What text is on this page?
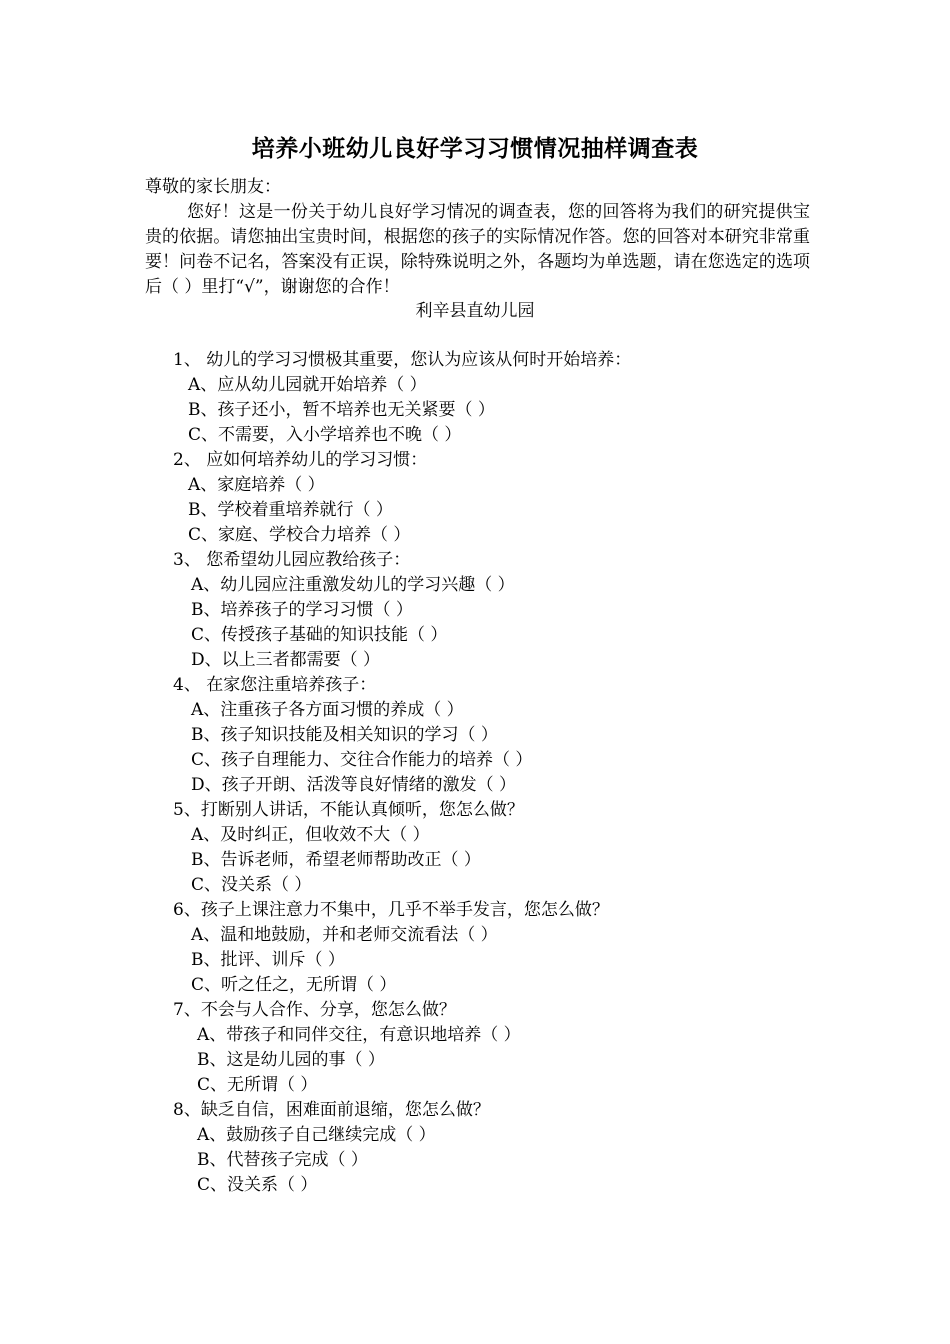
培养小班幼儿良好学习习惯情况抽样调查表

尊敬的家长朋友：

您好！这是一份关于幼儿良好学习情况的调查表，您的回答将为我们的研究提供宝贵的依据。请您抽出宝贵时间，根据您的孩子的实际情况作答。您的回答对本研究非常重要！问卷不记名，答案没有正误，除特殊说明之外，各题均为单选题，请在您选定的选项后（ ）里打“√”，谢谢您的合作！

利辛县直幼儿园

1、 幼儿的学习习惯极其重要，您认为应该从何时开始培养：
A、应从幼儿园就开始培养（ ）
B、孩子还小，暂不培养也无关紧要（ ）
C、不需要，入小学培养也不晚（ ）
2、 应如何培养幼儿的学习习惯：
A、家庭培养（ ）
B、学校着重培养就行（ ）
C、家庭、学校合力培养（ ）
3、 您希望幼儿园应教给孩子：
A、幼儿园应注重激发幼儿的学习兴趣（ ）
B、培养孩子的学习习惯（ ）
C、传授孩子基础的知识技能（ ）
D、以上三者都需要（ ）
4、 在家您注重培养孩子：
A、注重孩子各方面习惯的养成（ ）
B、孩子知识技能及相关知识的学习（ ）
C、孩子自理能力、交往合作能力的培养（ ）
D、孩子开朗、活泼等良好情绪的激发（ ）
5、打断别人讲话，不能认真倾听，您怎么做？
A、及时纠正，但收效不大（ ）
B、告诉老师，希望老师帮助改正（ ）
C、没关系（ ）
6、孩子上课注意力不集中，几乎不举手发言，您怎么做？
A、温和地鼓励，并和老师交流看法（ ）
B、批评、训斥（ ）
C、听之任之，无所谓（ ）
7、不会与人合作、分享，您怎么做？
A、带孩子和同伴交往，有意识地培养（ ）
B、这是幼儿园的事（ ）
C、无所谓（ ）
8、缺乏自信，困难面前退缩，您怎么做？
A、鼓励孩子自己继续完成（ ）
B、代替孩子完成（ ）
C、没关系（ ）
